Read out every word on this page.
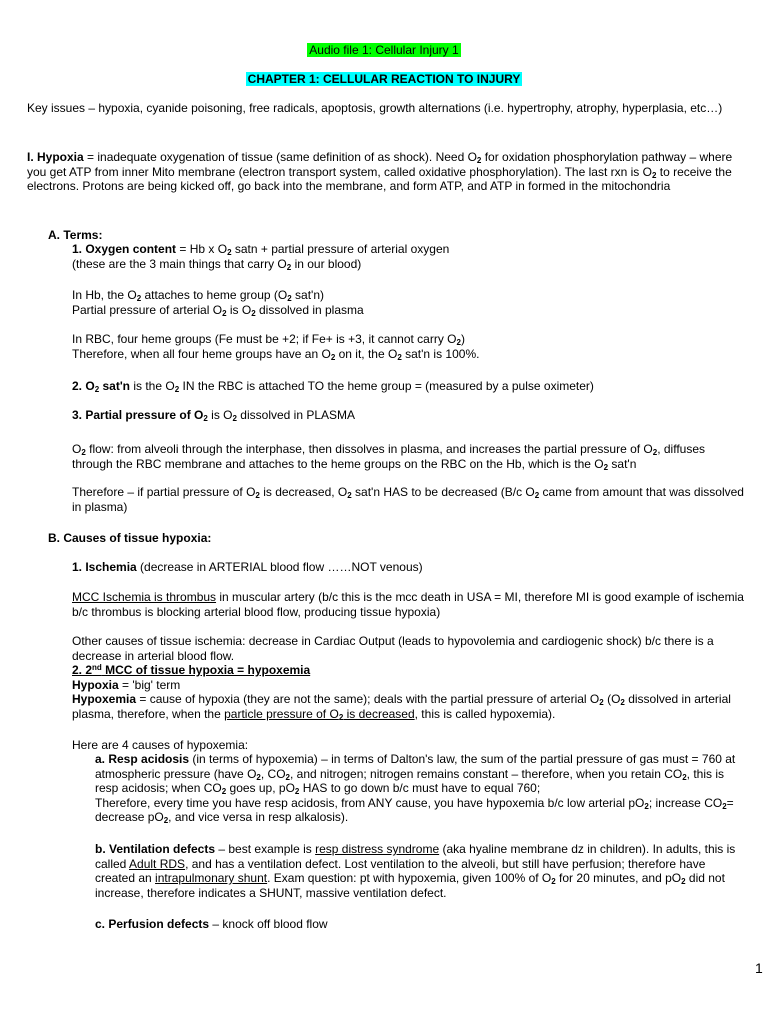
Audio file 1: Cellular Injury 1
CHAPTER 1: CELLULAR REACTION TO INJURY

Key issues – hypoxia, cyanide poisoning, free radicals, apoptosis, growth alternations (i.e. hypertrophy, atrophy, hyperplasia, etc…)

I. Hypoxia = inadequate oxygenation of tissue (same definition of as shock). Need $O_2$ for oxidation phosphorylation pathway – where you get ATP from inner Mito membrane (electron transport system, called oxidative phosphorylation). The last rxn is $O_2$ to receive the electrons. Protons are being kicked off, go back into the membrane, and form ATP, and ATP in formed in the mitochondria

A. Terms:

1. Oxygen content = Hb x $O_2$ satn + partial pressure of arterial oxygen
(these are the 3 main things that carry $O_2$ in our blood)

In Hb, the $O_2$ attaches to heme group ($O_2$ sat'n)
Partial pressure of arterial $O_2$ is $O_2$ dissolved in plasma

In RBC, four heme groups (Fe must be +2; if Fe+ is +3, it cannot carry $O_2$)
Therefore, when all four heme groups have an $O_2$ on it, the $O_2$ sat'n is 100%.

2. $O_2$ sat'n is the $O_2$ IN the RBC is attached TO the heme group = (measured by a pulse oximeter)

3. Partial pressure of $O_2$ is $O_2$ dissolved in PLASMA

$O_2$ flow: from alveoli through the interphase, then dissolves in plasma, and increases the partial pressure of $O_2$, diffuses through the RBC membrane and attaches to the heme groups on the RBC on the Hb, which is the $O_2$ sat'n

Therefore – if partial pressure of $O_2$ is decreased, $O_2$ sat'n HAS to be decreased (B/c $O_2$ came from amount that was dissolved in plasma)

B. Causes of tissue hypoxia:

1. Ischemia (decrease in ARTERIAL blood flow ……NOT venous)

MCC Ischemia is thrombus in muscular artery (b/c this is the mcc death in USA = MI, therefore MI is good example of ischemia b/c thrombus is blocking arterial blood flow, producing tissue hypoxia)

Other causes of tissue ischemia: decrease in Cardiac Output (leads to hypovolemia and cardiogenic shock) b/c there is a decrease in arterial blood flow.

2. 2nd MCC of tissue hypoxia = hypoxemia
Hypoxia = 'big' term
Hypoxemia = cause of hypoxia (they are not the same); deals with the partial pressure of arterial $O_2$ ($O_2$ dissolved in arterial plasma, therefore, when the particle pressure of $O_2$ is decreased, this is called hypoxemia).

Here are 4 causes of hypoxemia:

a. Resp acidosis (in terms of hypoxemia) – in terms of Dalton's law, the sum of the partial pressure of gas must = 760 at atmospheric pressure (have $O_2$, $CO_2$, and nitrogen; nitrogen remains constant – therefore, when you retain $CO_2$, this is resp acidosis; when $CO_2$ goes up, $pO_2$ HAS to go down b/c must have to equal 760;
Therefore, every time you have resp acidosis, from ANY cause, you have hypoxemia b/c low arterial $pO_2$; increase $CO_2=$ decrease $pO_2$, and vice versa in resp alkalosis).

b. Ventilation defects – best example is resp distress syndrome (aka hyaline membrane dz in children). In adults, this is called Adult RDS, and has a ventilation defect. Lost ventilation to the alveoli, but still have perfusion; therefore have created an intrapulmonary shunt. Exam question: pt with hypoxemia, given 100% of $O_2$ for 20 minutes, and $pO_2$ did not increase, therefore indicates a SHUNT, massive ventilation defect.

c. Perfusion defects – knock off blood flow

1
